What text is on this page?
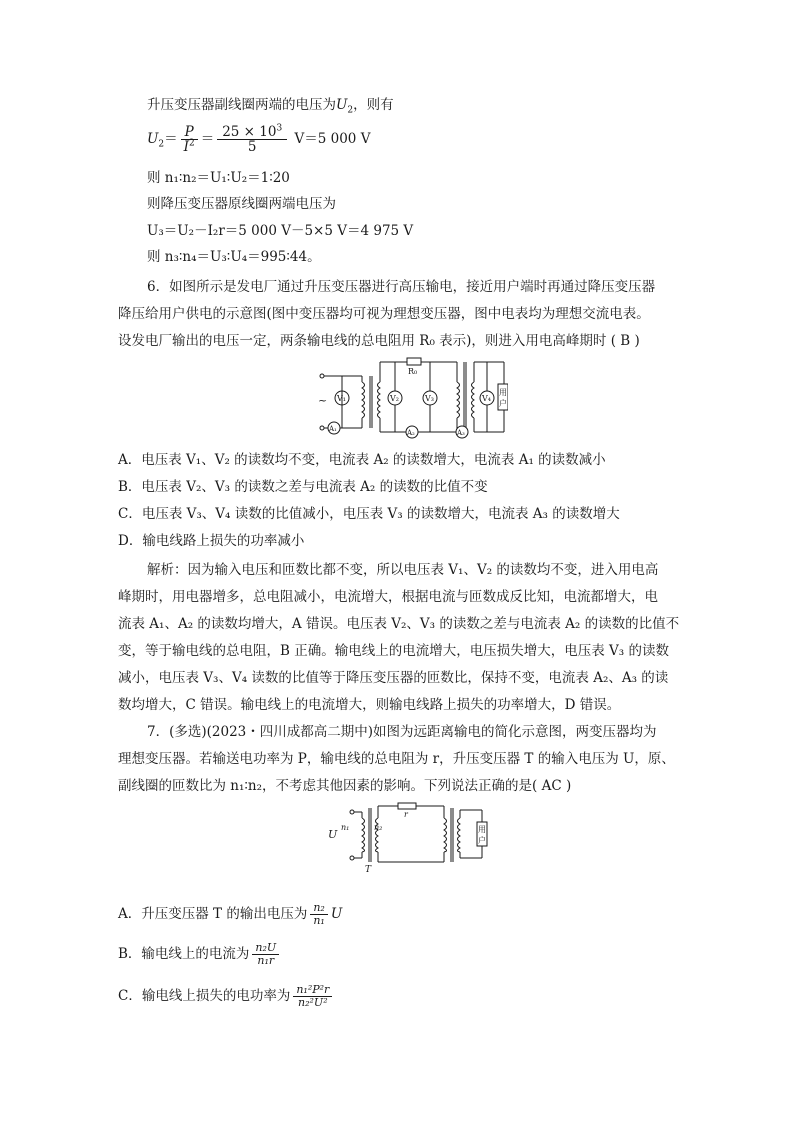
升压变压器副线圈两端的电压为$U_2$，则有
$U_2= \frac{P}{I^2} = \frac{25 \times 10^3}{5} V=5$ 000 V
则 n₁∶n₂＝U₁∶U₂＝1∶20
则降压变压器原线圈两端电压为
U₃＝U₂－I₂r＝5 000 V－5×5 V＝4 975 V
则 n₃∶n₄＝U₃∶U₄＝995∶44。
6．如图所示是发电厂通过升压变压器进行高压输电，接近用户端时再通过降压变压器
降压给用户供电的示意图(图中变压器均可视为理想变压器，图中电表均为理想交流电表。
设发电厂输出的电压一定，两条输电线的总电阻用 R₀ 表示)，则进入用电高峰期时 ( B )
~ V₁
A₁
R₀
V₂
A₂
V₃	V₄
A₃
用
户
A．电压表 V₁、V₂ 的读数均不变，电流表 A₂ 的读数增大，电流表 A₁ 的读数减小
B．电压表 V₂、V₃ 的读数之差与电流表 A₂ 的读数的比值不变
C．电压表 V₃、V₄ 读数的比值减小，电压表 V₃ 的读数增大，电流表 A₃ 的读数增大
D．输电线路上损失的功率减小
解析：因为输入电压和匝数比都不变，所以电压表 V₁、V₂ 的读数均不变，进入用电高
峰期时，用电器增多，总电阻减小，电流增大，根据电流与匝数成反比知，电流都增大，电
流表 A₁、A₂ 的读数均增大，A 错误。电压表 V₂、V₃ 的读数之差与电流表 A₂ 的读数的比值不
变，等于输电线的总电阻，B 正确。输电线上的电流增大，电压损失增大，电压表 V₃ 的读数
减小，电压表 V₃、V₄ 读数的比值等于降压变压器的匝数比，保持不变，电流表 A₂、A₃ 的读
数均增大，C 错误。输电线上的电流增大，则输电线路上损失的功率增大，D 错误。
7．(多选)(2023・四川成都高二期中)如图为远距离输电的简化示意图，两变压器均为
理想变压器。若输送电功率为 P，输电线的总电阻为 r，升压变压器 T 的输入电压为 U，原、
副线圈的匝数比为 n₁∶n₂，不考虑其他因素的影响。下列说法正确的是( AC )
U
n₁	n₂
T
r
用
户
A．升压变压器 T 的输出电压为 $\frac{\text{n₂}}{\text{n₁}}$ U
B．输电线上的电流为 $\frac{\text{n₂U}}{\text{n₁r}}$
C．输电线上损失的电功率为 $\frac{\text{n₁²P²r}}{\text{n₂²U²}}$
